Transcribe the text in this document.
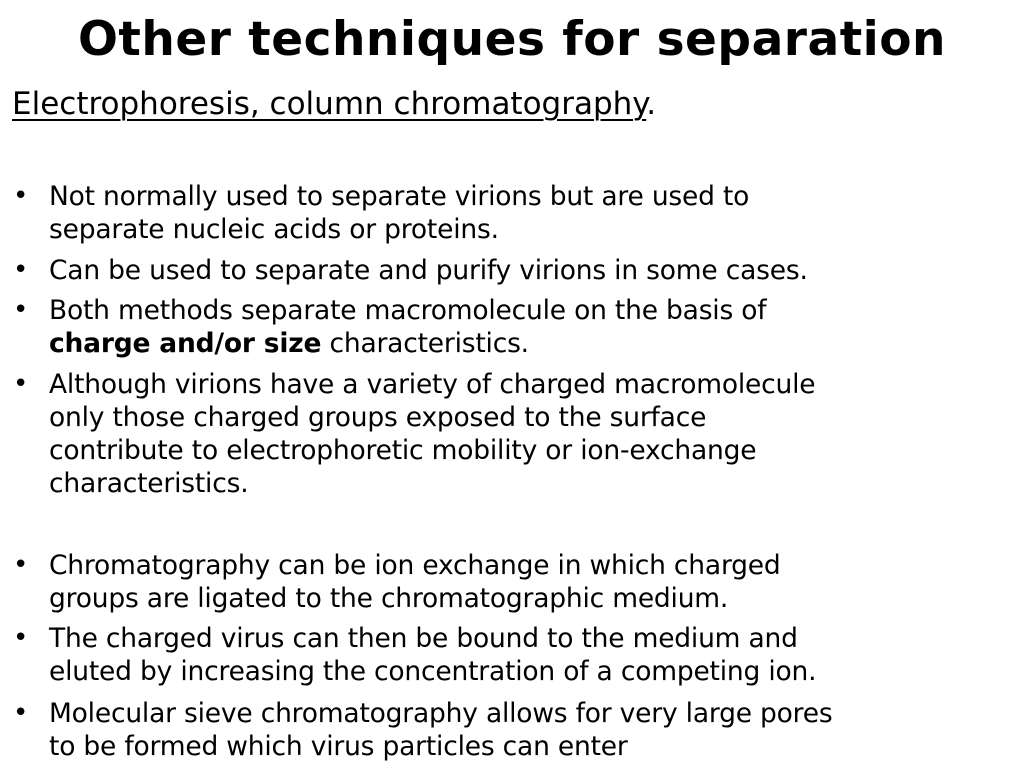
Other techniques for separation
Electrophoresis, column chromatography.
• Not normally used to separate virions but are used to
separate nucleic acids or proteins.
• Can be used to separate and purify virions in some cases.
• Both methods separate macromolecule on the basis of
charge and/or size characteristics.
• Although virions have a variety of charged macromolecule
only those charged groups exposed to the surface
contribute to electrophoretic mobility or ion-exchange
characteristics.
• Chromatography can be ion exchange in which charged
groups are ligated to the chromatographic medium.
• The charged virus can then be bound to the medium and
eluted by increasing the concentration of a competing ion.
• Molecular sieve chromatography allows for very large pores
to be formed which virus particles can enter
